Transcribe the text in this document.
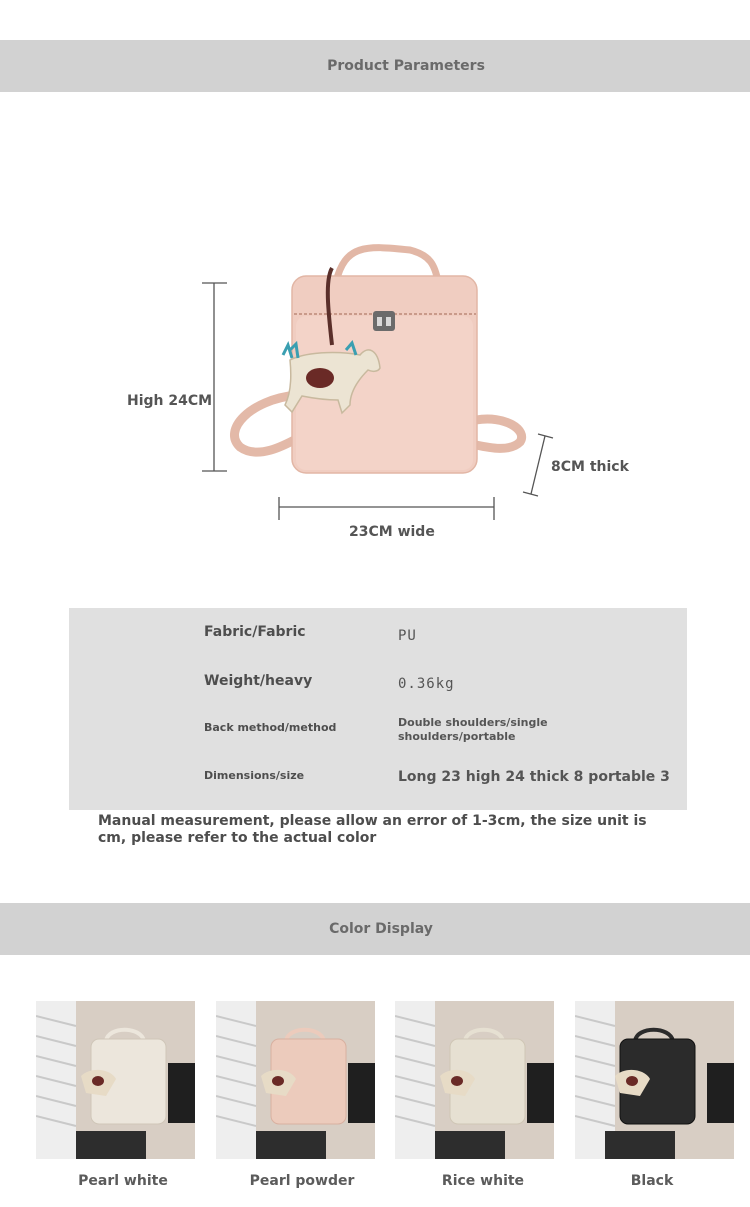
Product Parameters
High 24CM
8CM thick
23CM wide
Fabric/Fabric	PU
Weight/heavy	0.36kg
Back method/method	Double shoulders/single shoulders/portable
Dimensions/size	Long 23 high 24 thick 8 portable 3
Manual measurement, please allow an error of 1-3cm, the size unit is cm, please refer to the actual color
Color Display
Pearl white	Pearl powder	Rice white	Black
